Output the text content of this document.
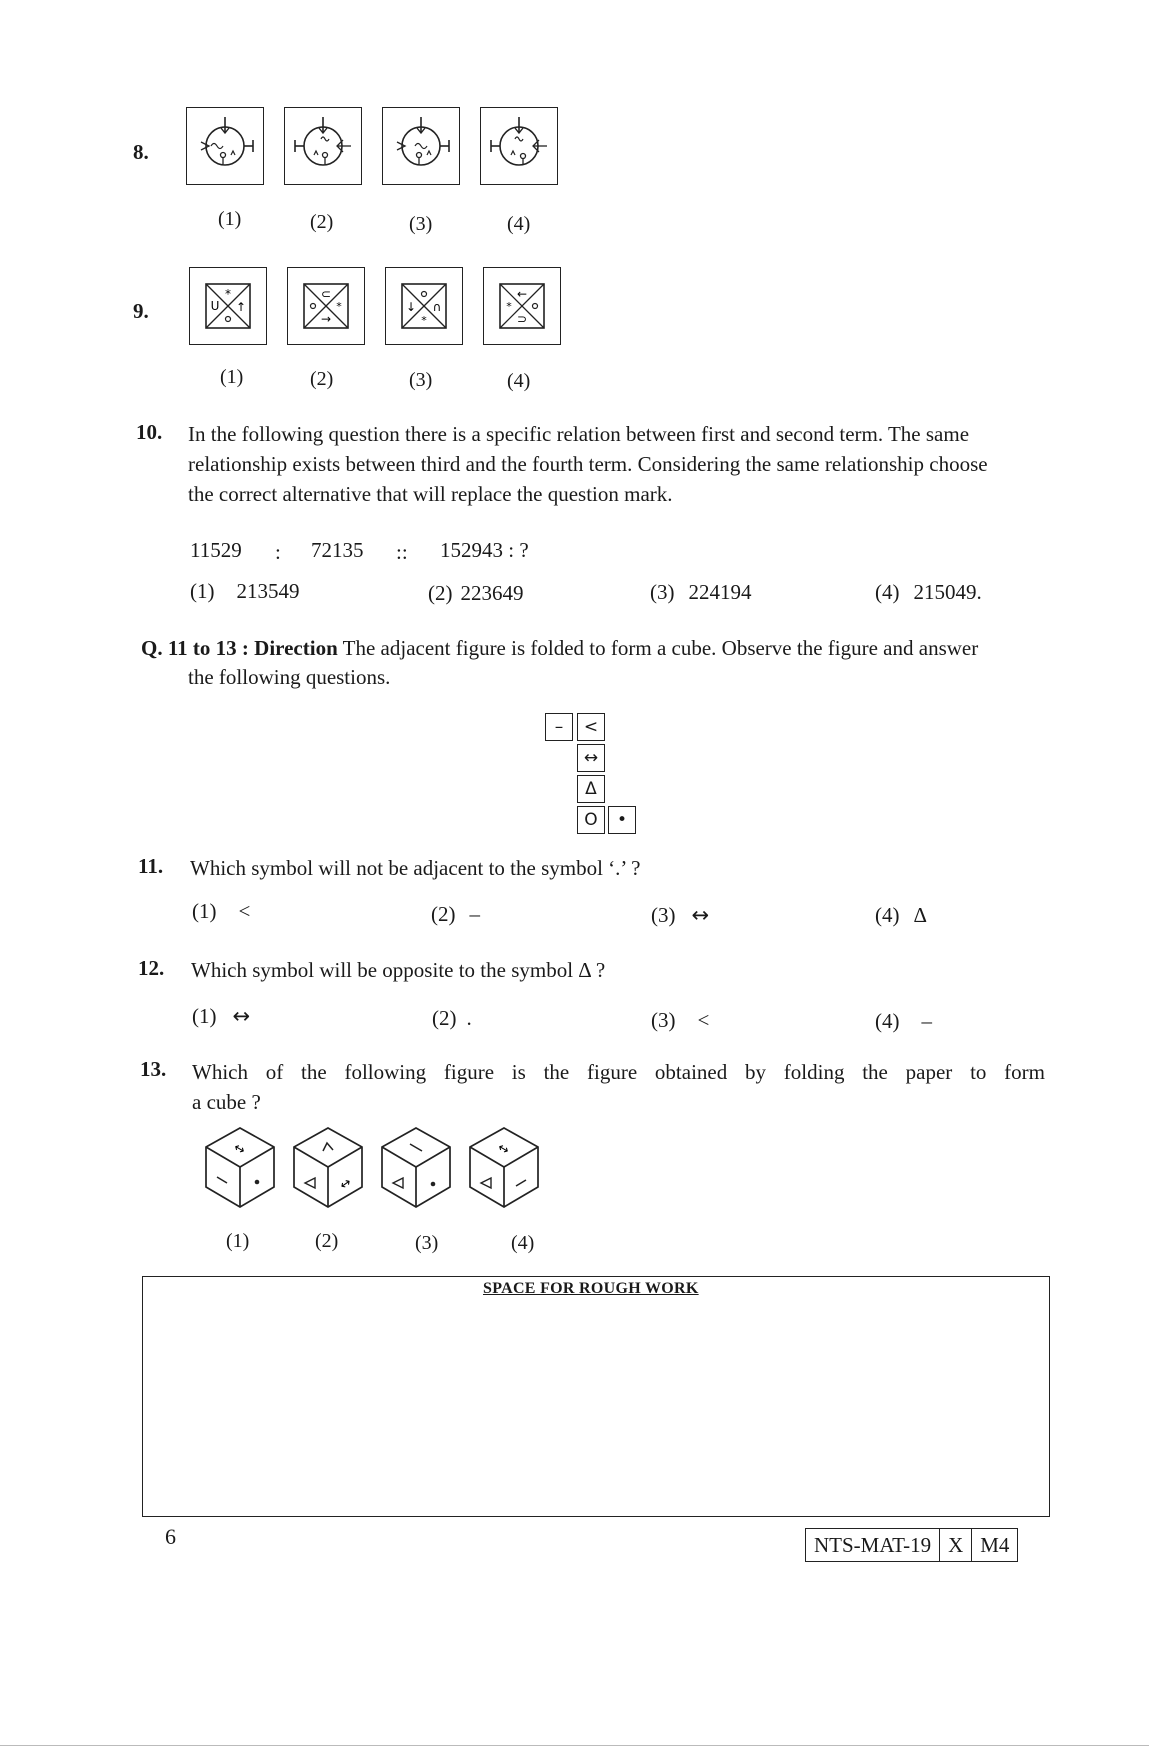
8.
(1)	(2)	(3)	(4)
9.
*
U ↑
⊂
*
→
↓ ∩
*
←
*
⊃
(1)	(2)	(3)	(4)
10. In the following question there is a specific relation between first and second term. The same
relationship exists between third and the fourth term. Considering the same relationship choose
the correct alternative that will replace the question mark.
11529 : 72135 :: 152943 : ?
(1) 213549	(2) 223649	(3) 224194	(4) 215049.
Q. 11 to 13 : Direction The adjacent figure is folded to form a cube. Observe the figure and answer
the following questions.
–	<
↔
Δ
O	•
11. Which symbol will not be adjacent to the symbol ‘.’ ?
(1) <	(2) –	(3) ↔	(4) Δ
12. Which symbol will be opposite to the symbol Δ ?
(1) ↔	(2) .	(3) <	(4) –
13. Which of the following figure is the figure obtained by folding the paper to form
a cube ?
↔
↔
↔
(1)	(2)	(3)	(4)
SPACE FOR ROUGH WORK
6	NTS-MAT-19 X M4
